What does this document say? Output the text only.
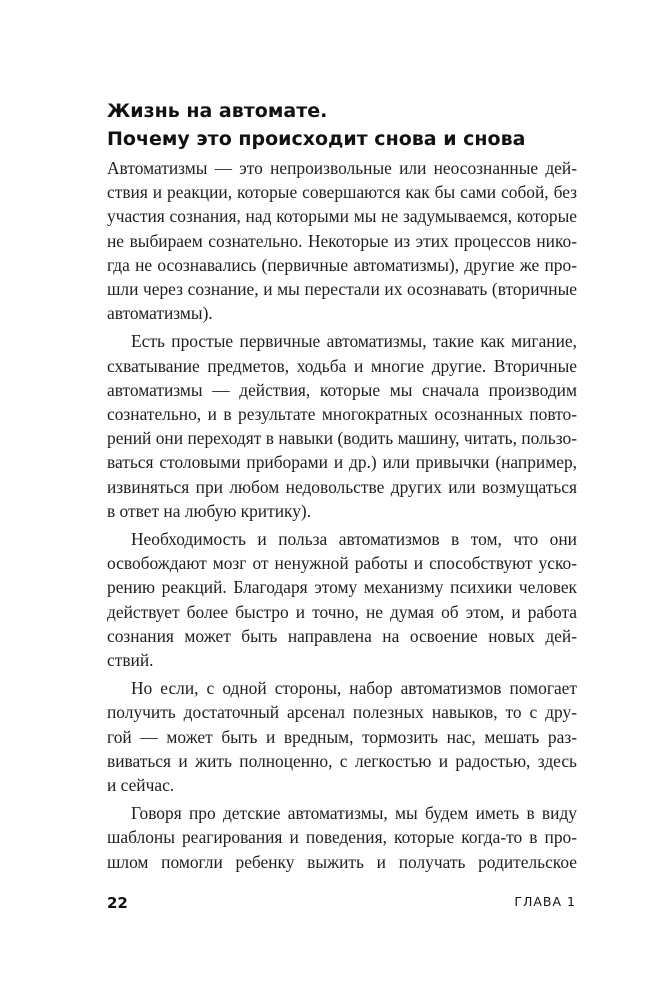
Жизнь на автомате.
Почему это происходит снова и снова

Автоматизмы — это непроизвольные или неосознанные дей-
ствия и реакции, которые совершаются как бы сами собой, без
участия сознания, над которыми мы не задумываемся, которые
не выбираем сознательно. Некоторые из этих процессов нико-
гда не осознавались (первичные автоматизмы), другие же про-
шли через сознание, и мы перестали их осознавать (вторичные
автоматизмы).

Есть простые первичные автоматизмы, такие как мигание,
схватывание предметов, ходьба и многие другие. Вторичные
автоматизмы — действия, которые мы сначала производим
сознательно, и в результате многократных осознанных повто-
рений они переходят в навыки (водить машину, читать, пользо-
ваться столовыми приборами и др.) или привычки (например,
извиняться при любом недовольстве других или возмущаться
в ответ на любую критику).

Необходимость и польза автоматизмов в том, что они
освобождают мозг от ненужной работы и способствуют уско-
рению реакций. Благодаря этому механизму психики человек
действует более быстро и точно, не думая об этом, и работа
сознания может быть направлена на освоение новых дей-
ствий.

Но если, с одной стороны, набор автоматизмов помогает
получить достаточный арсенал полезных навыков, то с дру-
гой — может быть и вредным, тормозить нас, мешать раз-
виваться и жить полноценно, с легкостью и радостью, здесь
и сейчас.

Говоря про детские автоматизмы, мы будем иметь в виду
шаблоны реагирования и поведения, которые когда-то в про-
шлом помогли ребенку выжить и получать родительское

22	ГЛАВА 1
